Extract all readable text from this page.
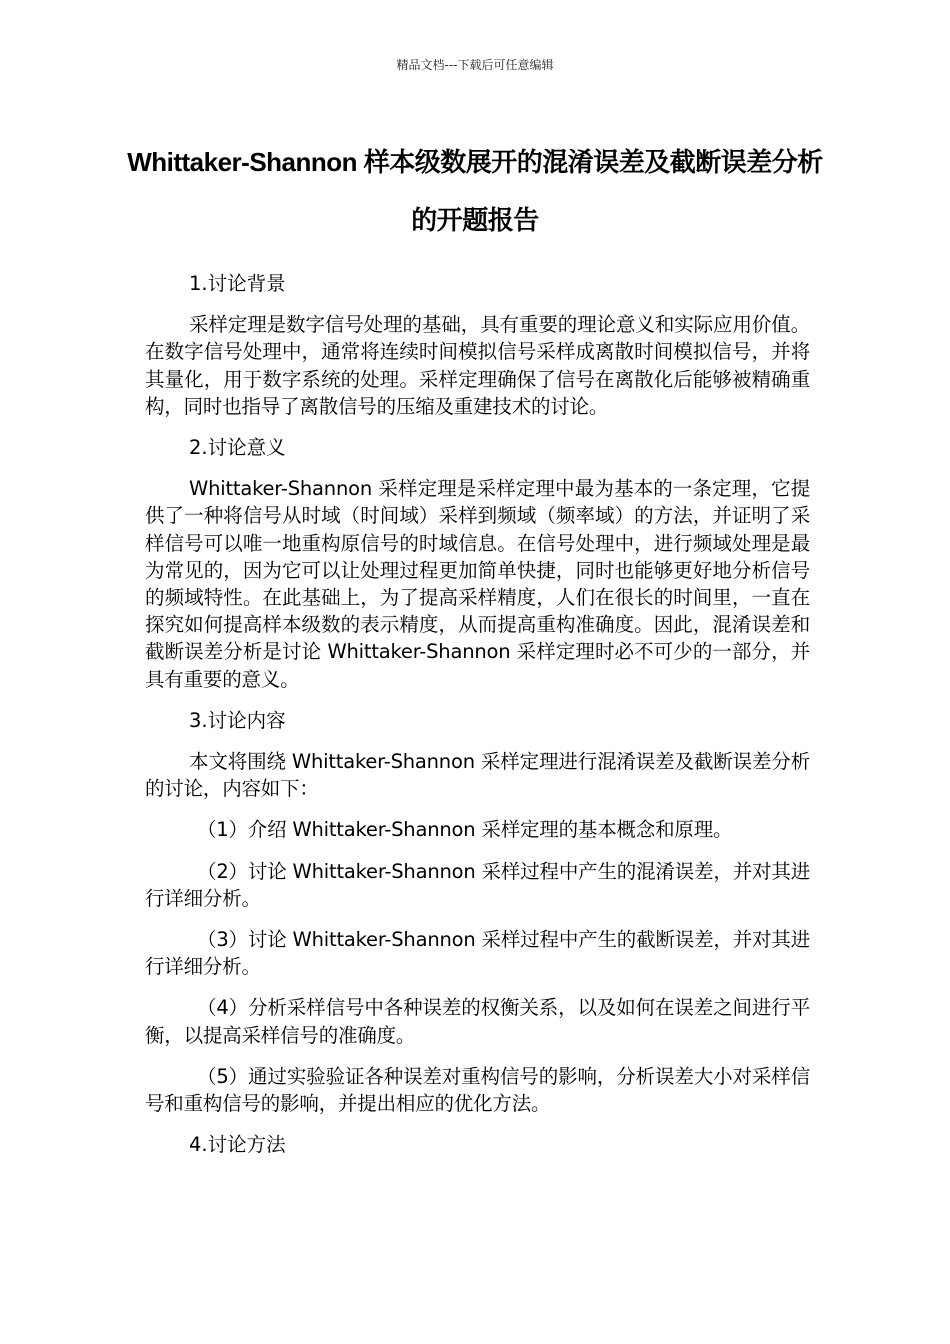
精品文档---下载后可任意编辑
Whittaker-Shannon 样本级数展开的混淆误差及截断误差分析的开题报告

1.讨论背景

采样定理是数字信号处理的基础，具有重要的理论意义和实际应用价值。在数字信号处理中，通常将连续时间模拟信号采样成离散时间模拟信号，并将其量化，用于数字系统的处理。采样定理确保了信号在离散化后能够被精确重构，同时也指导了离散信号的压缩及重建技术的讨论。

2.讨论意义

Whittaker-Shannon 采样定理是采样定理中最为基本的一条定理，它提供了一种将信号从时域（时间域）采样到频域（频率域）的方法，并证明了采样信号可以唯一地重构原信号的时域信息。在信号处理中，进行频域处理是最为常见的，因为它可以让处理过程更加简单快捷，同时也能够更好地分析信号的频域特性。在此基础上，为了提高采样精度，人们在很长的时间里，一直在探究如何提高样本级数的表示精度，从而提高重构准确度。因此，混淆误差和截断误差分析是讨论 Whittaker-Shannon 采样定理时必不可少的一部分，并具有重要的意义。

3.讨论内容

本文将围绕 Whittaker-Shannon 采样定理进行混淆误差及截断误差分析的讨论，内容如下：

（1）介绍 Whittaker-Shannon 采样定理的基本概念和原理。

（2）讨论 Whittaker-Shannon 采样过程中产生的混淆误差，并对其进行详细分析。

（3）讨论 Whittaker-Shannon 采样过程中产生的截断误差，并对其进行详细分析。

（4）分析采样信号中各种误差的权衡关系，以及如何在误差之间进行平衡，以提高采样信号的准确度。

（5）通过实验验证各种误差对重构信号的影响，分析误差大小对采样信号和重构信号的影响，并提出相应的优化方法。

4.讨论方法
